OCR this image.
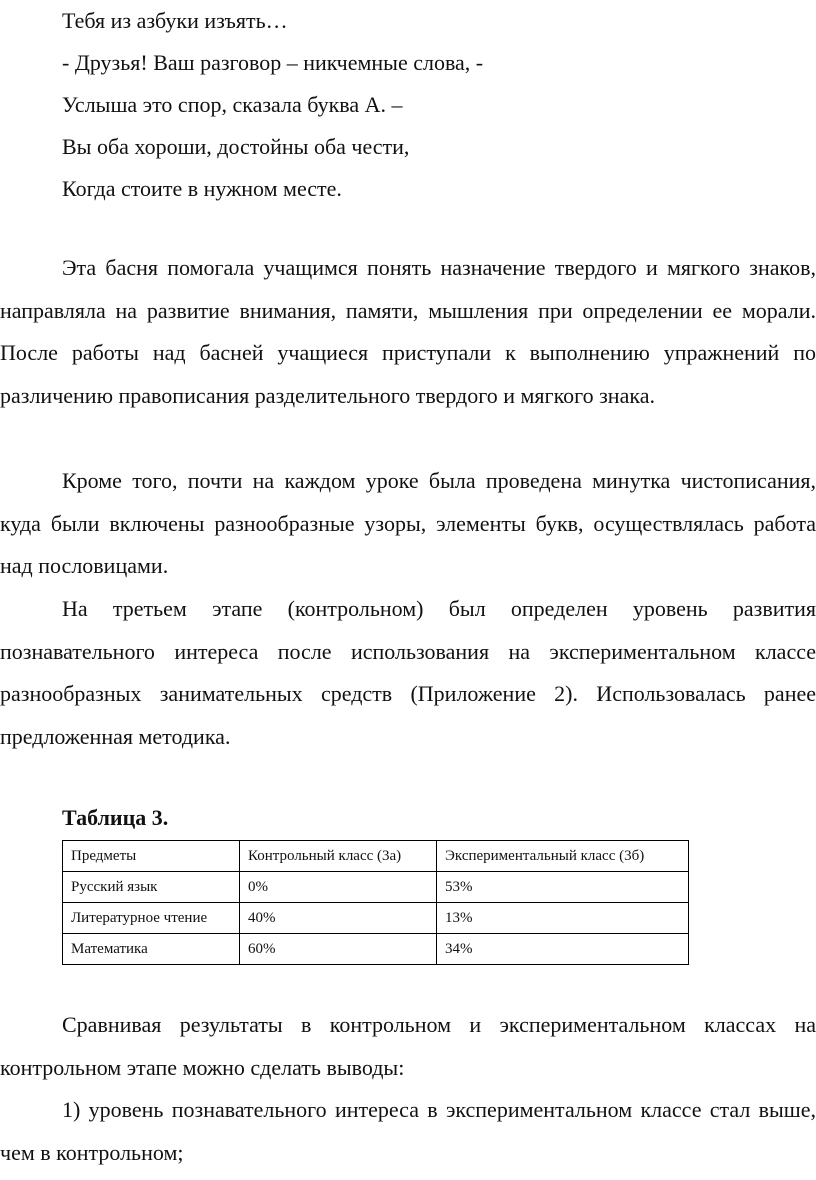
Тебя из азбуки изъять…
- Друзья! Ваш разговор – никчемные слова, -
Услыша это спор, сказала буква А. –
Вы оба хороши, достойны оба чести,
Когда стоите в нужном месте.

Эта басня помогала учащимся понять назначение твердого и мягкого знаков, направляла на развитие внимания, памяти, мышления при определении ее морали. После работы над басней учащиеся приступали к выполнению упражнений по различению правописания разделительного твердого и мягкого знака.

Кроме того, почти на каждом уроке была проведена минутка чистописания, куда были включены разнообразные узоры, элементы букв, осуществлялась работа над пословицами.

На третьем этапе (контрольном) был определен уровень развития познавательного интереса после использования на экспериментальном классе разнообразных занимательных средств (Приложение 2). Использовалась ранее предложенная методика.

Таблица 3.
Предметы	Контрольный класс (3а)	Экспериментальный класс (3б)
Русский язык	0%	53%
Литературное чтение	40%	13%
Математика	60%	34%

Сравнивая результаты в контрольном и экспериментальном классах на контрольном этапе можно сделать выводы:

1) уровень познавательного интереса в экспериментальном классе стал выше, чем в контрольном;
